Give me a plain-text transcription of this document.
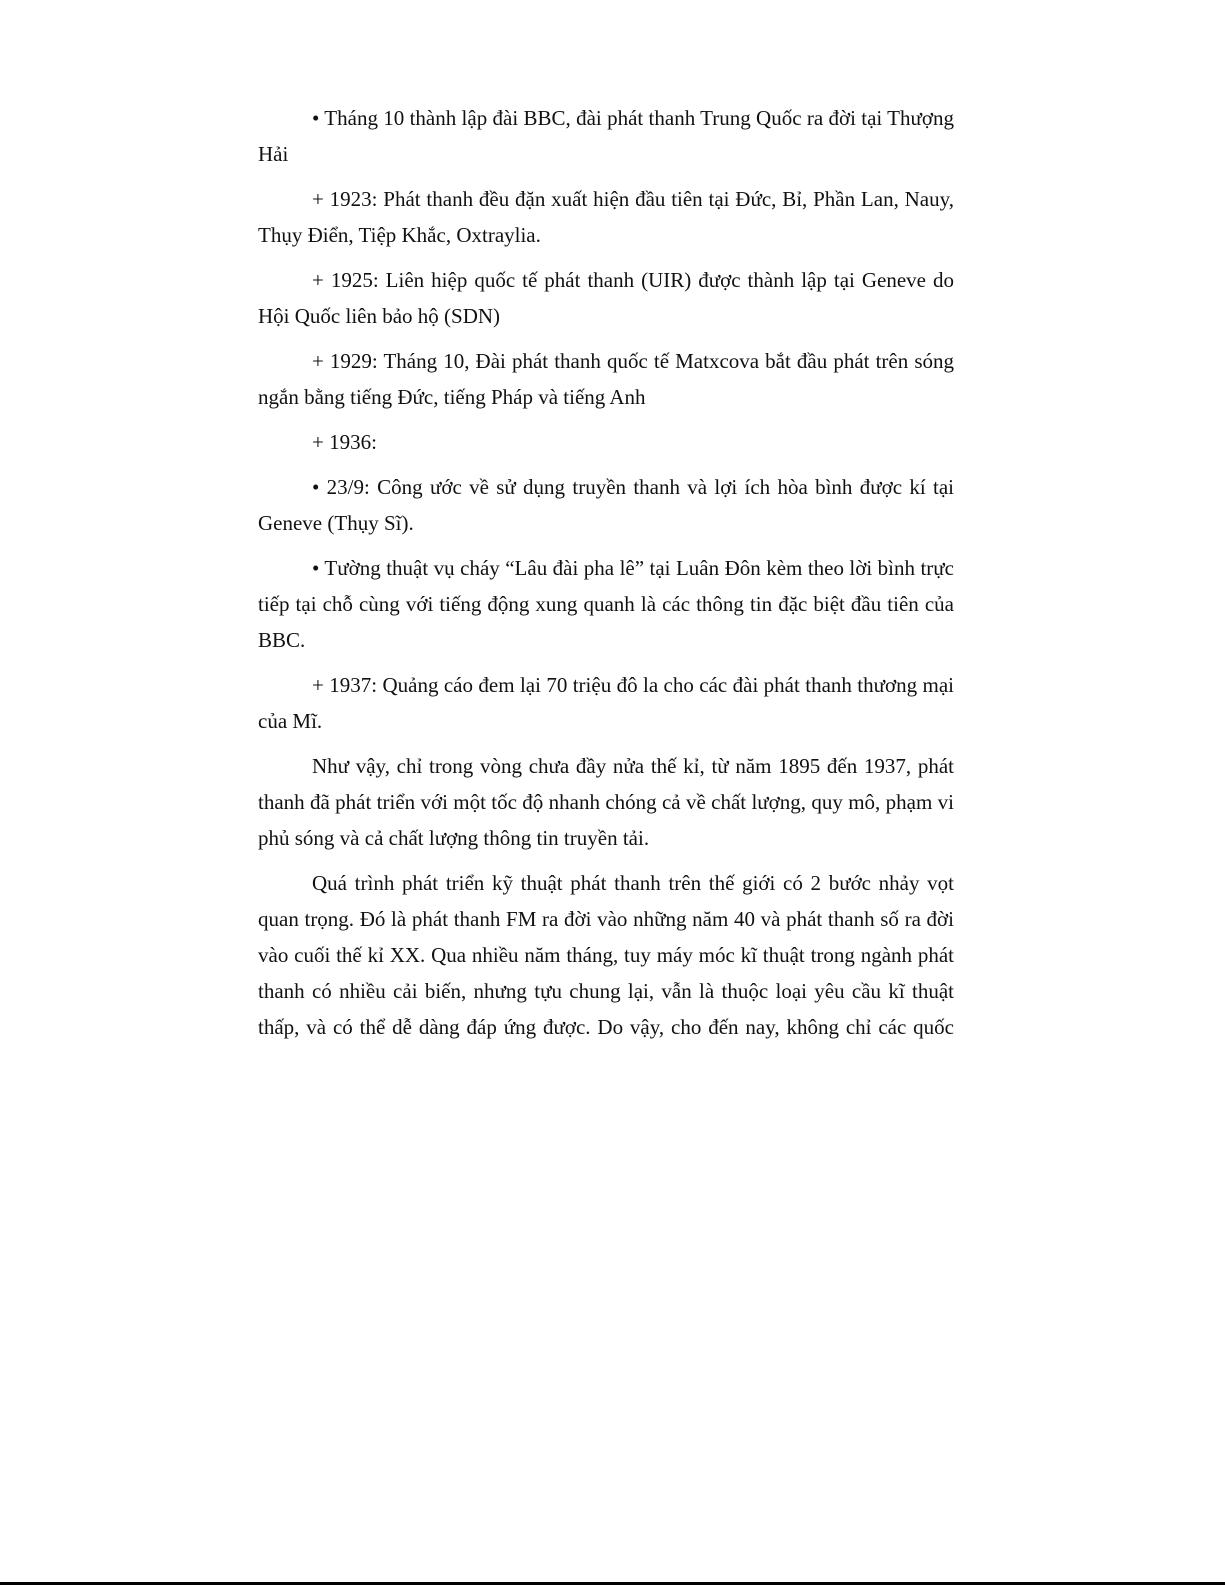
• Tháng 10 thành lập đài BBC, đài phát thanh Trung Quốc ra đời tại Thượng Hải

+ 1923: Phát thanh đều đặn xuất hiện đầu tiên tại Đức, Bỉ, Phần Lan, Nauy, Thụy Điển, Tiệp Khắc, Oxtraylia.

+ 1925: Liên hiệp quốc tế phát thanh (UIR) được thành lập tại Geneve do Hội Quốc liên bảo hộ (SDN)

+ 1929: Tháng 10, Đài phát thanh quốc tế Matxcova bắt đầu phát trên sóng ngắn bằng tiếng Đức, tiếng Pháp và tiếng Anh

+ 1936:

• 23/9: Công ước về sử dụng truyền thanh và lợi ích hòa bình được kí tại Geneve (Thụy Sĩ).

• Tường thuật vụ cháy “Lâu đài pha lê” tại Luân Đôn kèm theo lời bình trực tiếp tại chỗ cùng với tiếng động xung quanh là các thông tin đặc biệt đầu tiên của BBC.

+ 1937: Quảng cáo đem lại 70 triệu đô la cho các đài phát thanh thương mại của Mĩ.

Như vậy, chỉ trong vòng chưa đầy nửa thế kỉ, từ năm 1895 đến 1937, phát thanh đã phát triển với một tốc độ nhanh chóng cả về chất lượng, quy mô, phạm vi phủ sóng và cả chất lượng thông tin truyền tải.

Quá trình phát triển kỹ thuật phát thanh trên thế giới có 2 bước nhảy vọt quan trọng. Đó là phát thanh FM ra đời vào những năm 40 và phát thanh số ra đời vào cuối thế kỉ XX. Qua nhiều năm tháng, tuy máy móc kĩ thuật trong ngành phát thanh có nhiều cải biến, nhưng tựu chung lại, vẫn là thuộc loại yêu cầu kĩ thuật thấp, và có thể dễ dàng đáp ứng được. Do vậy, cho đến nay, không chỉ các quốc
